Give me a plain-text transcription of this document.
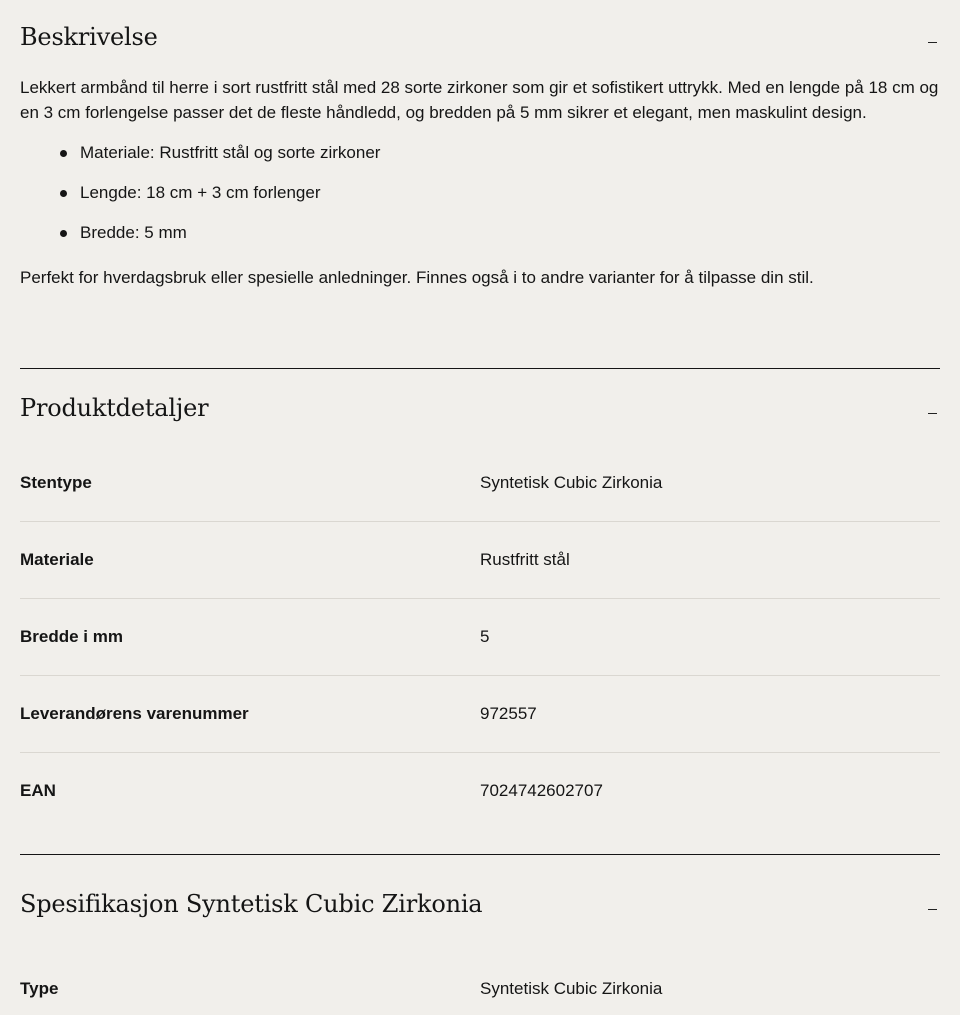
Beskrivelse

Lekkert armbånd til herre i sort rustfritt stål med 28 sorte zirkoner som gir et sofistikert uttrykk. Med en lengde på 18 cm og en 3 cm forlengelse passer det de fleste håndledd, og bredden på 5 mm sikrer et elegant, men maskulint design.

Materiale: Rustfritt stål og sorte zirkoner
Lengde: 18 cm + 3 cm forlenger
Bredde: 5 mm

Perfekt for hverdagsbruk eller spesielle anledninger. Finnes også i to andre varianter for å tilpasse din stil.

Produktdetaljer
Stentype	Syntetisk Cubic Zirkonia
Materiale	Rustfritt stål
Bredde i mm	5
Leverandørens varenummer	972557
EAN	7024742602707
Spesifikasjon Syntetisk Cubic Zirkonia
Type	Syntetisk Cubic Zirkonia
